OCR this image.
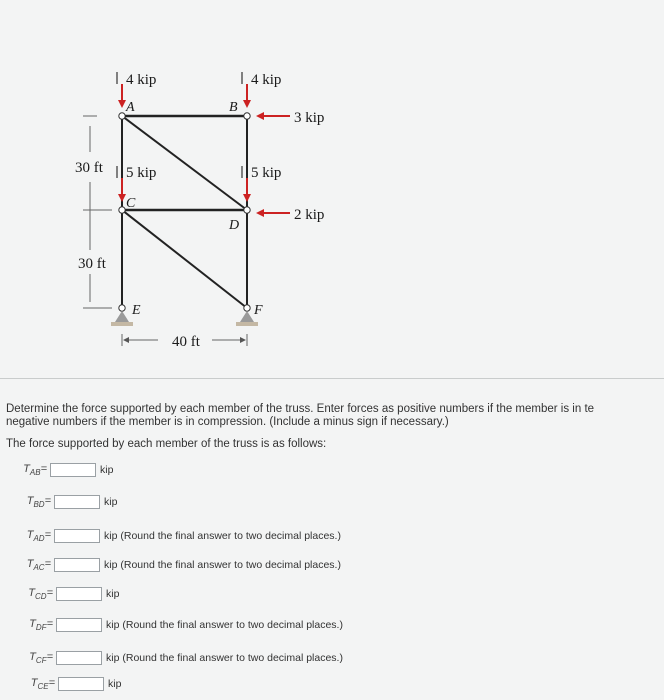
4 kip	4 kip
3 kip
5 kip	5 kip
2 kip
A	B
C
D
E	F
30 ft
30 ft
40 ft
Determine the force supported by each member of the truss. Enter forces as positive numbers if the member is in te
negative numbers if the member is in compression. (Include a minus sign if necessary.)
The force supported by each member of the truss is as follows:
$T_{AB}=$	kip
$T_{BD}=$	kip
$T_{AD}=$	kip (Round the final answer to two decimal places.)
$T_{AC}=$	kip (Round the final answer to two decimal places.)
$T_{CD}=$	kip
$T_{DF}=$	kip (Round the final answer to two decimal places.)
$T_{CF}=$	kip (Round the final answer to two decimal places.)
$T_{CE}=$	kip
